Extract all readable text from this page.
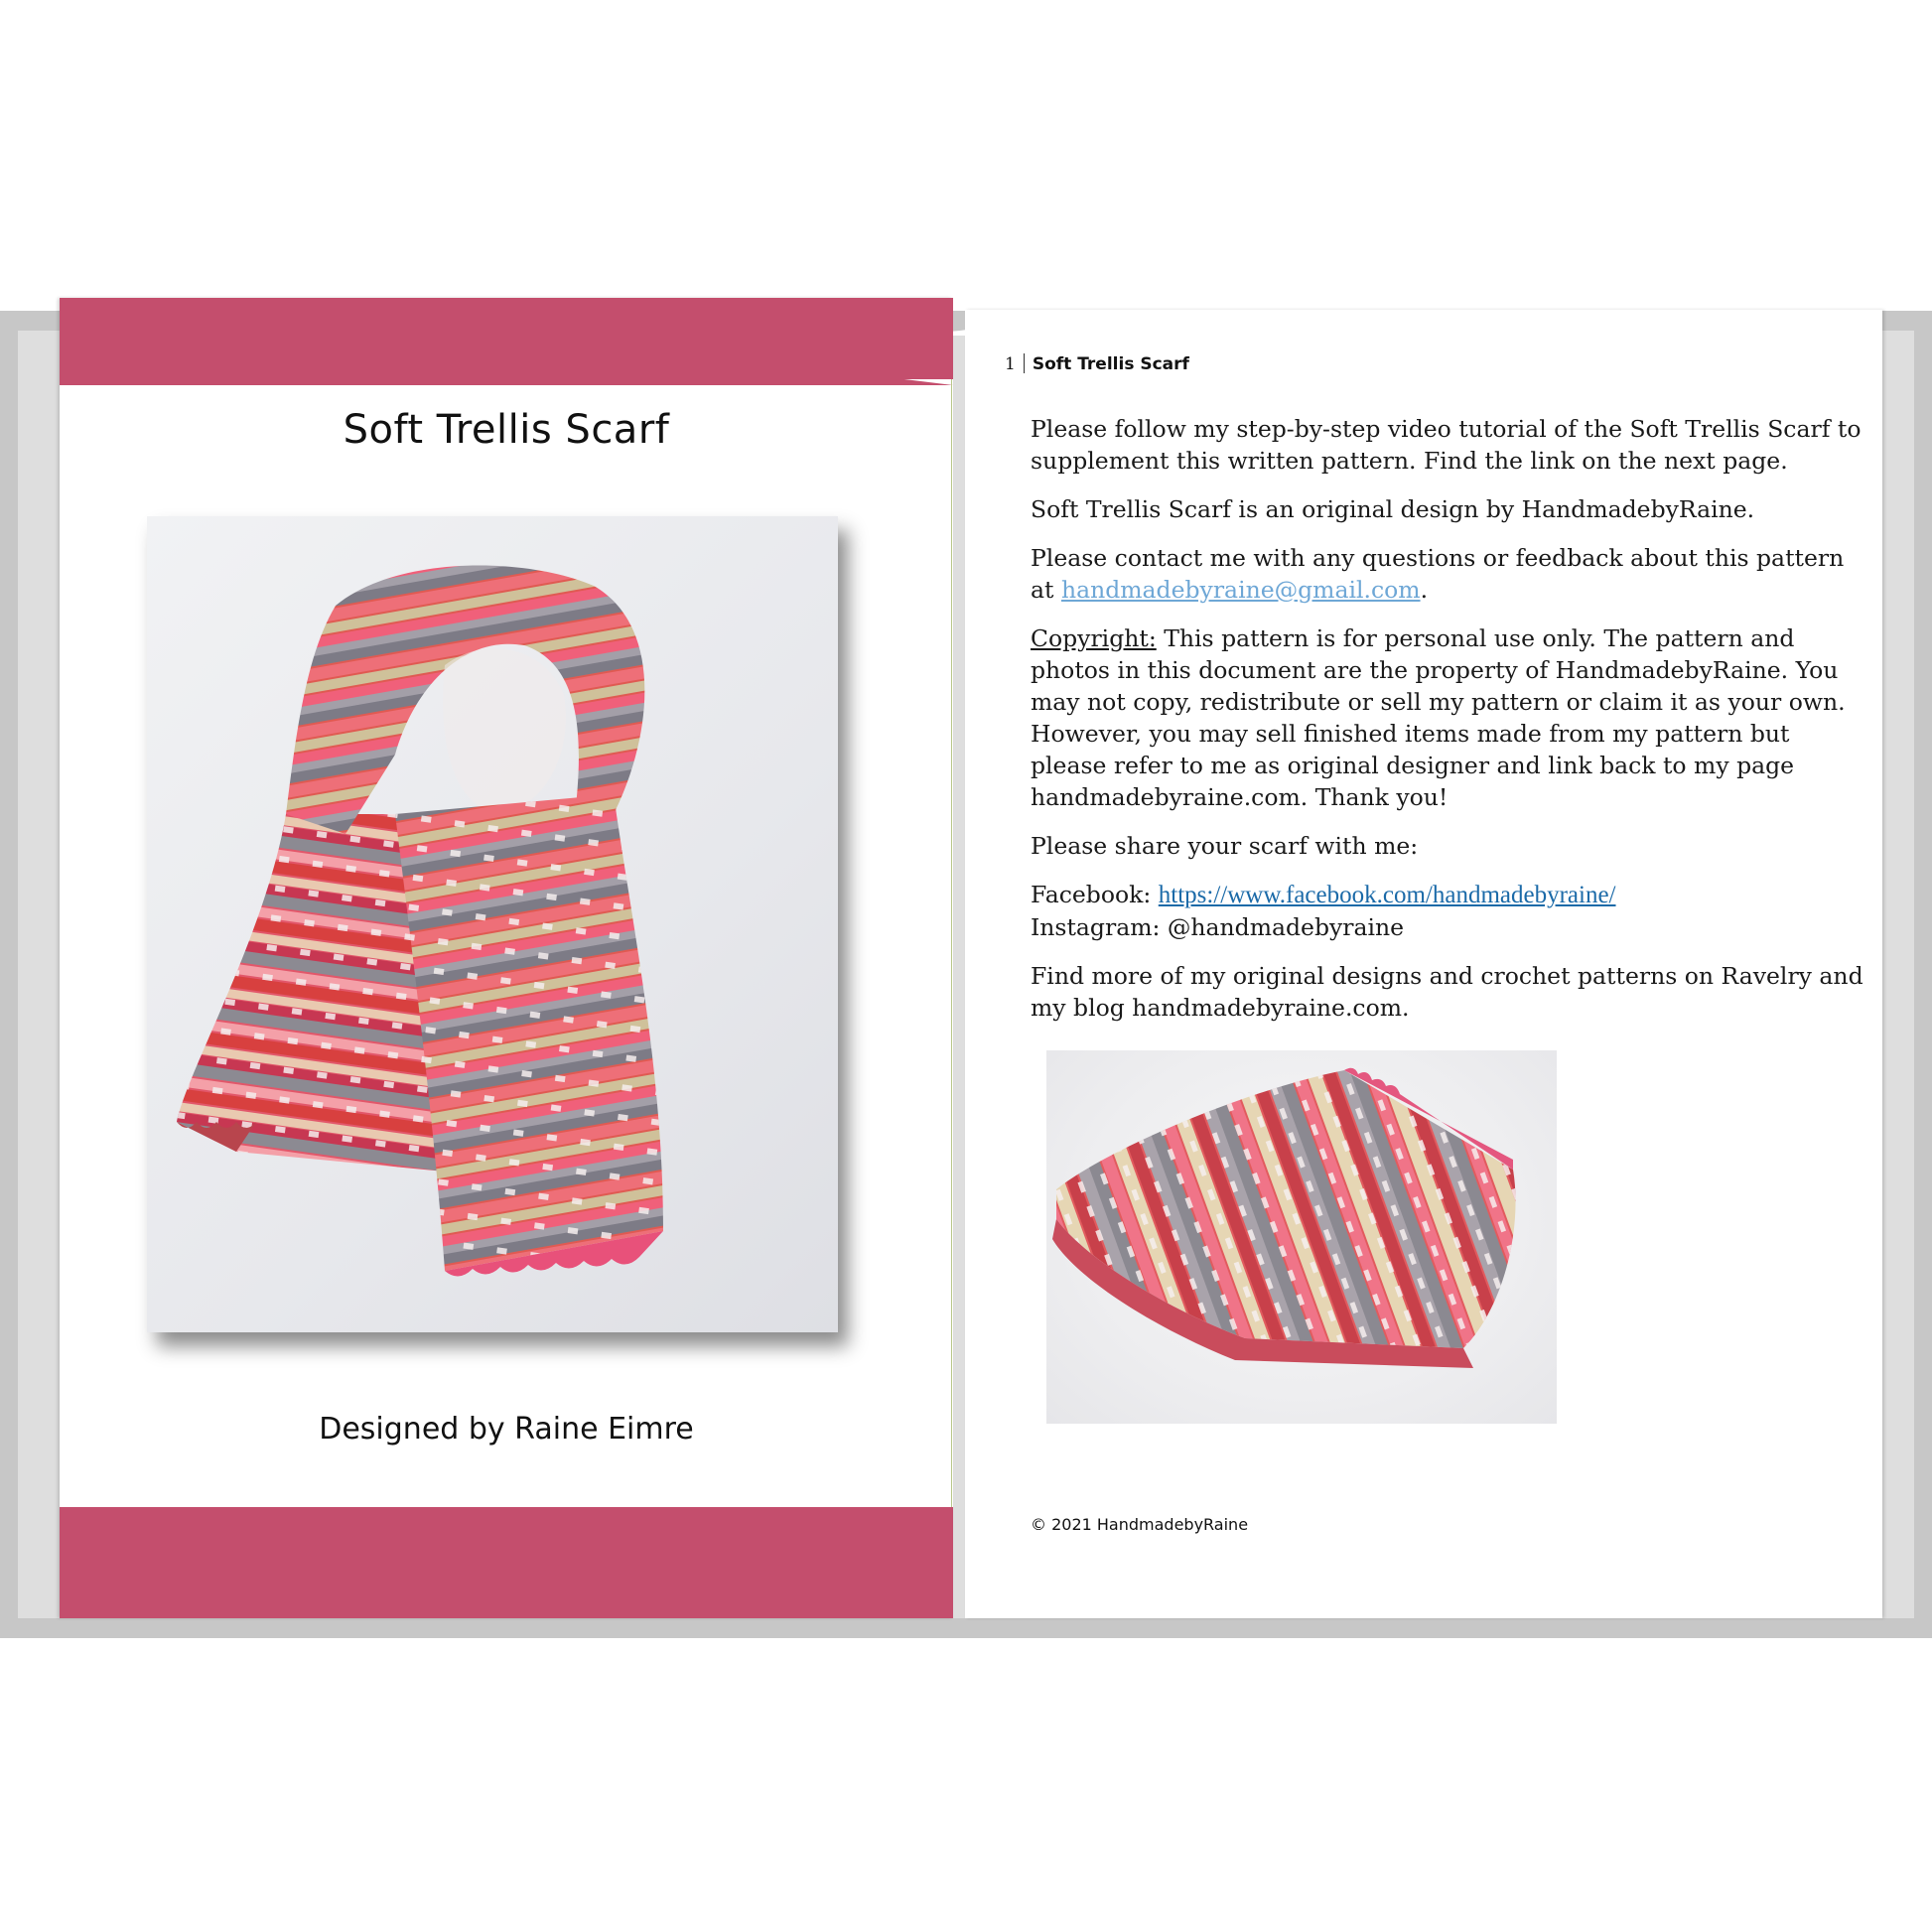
Soft Trellis Scarf
Designed by Raine Eimre
1 Soft Trellis Scarf

Please follow my step-by-step video tutorial of the Soft Trellis Scarf to supplement this written pattern. Find the link on the next page.

Soft Trellis Scarf is an original design by HandmadebyRaine.

Please contact me with any questions or feedback about this pattern at handmadebyraine@gmail.com.

Copyright: This pattern is for personal use only. The pattern and photos in this document are the property of HandmadebyRaine. You may not copy, redistribute or sell my pattern or claim it as your own. However, you may sell finished items made from my pattern but please refer to me as original designer and link back to my page handmadebyraine.com. Thank you!

Please share your scarf with me:

Facebook: https://www.facebook.com/handmadebyraine/
Instagram: @handmadebyraine

Find more of my original designs and crochet patterns on Ravelry and my blog handmadebyraine.com.

© 2021 HandmadebyRaine
